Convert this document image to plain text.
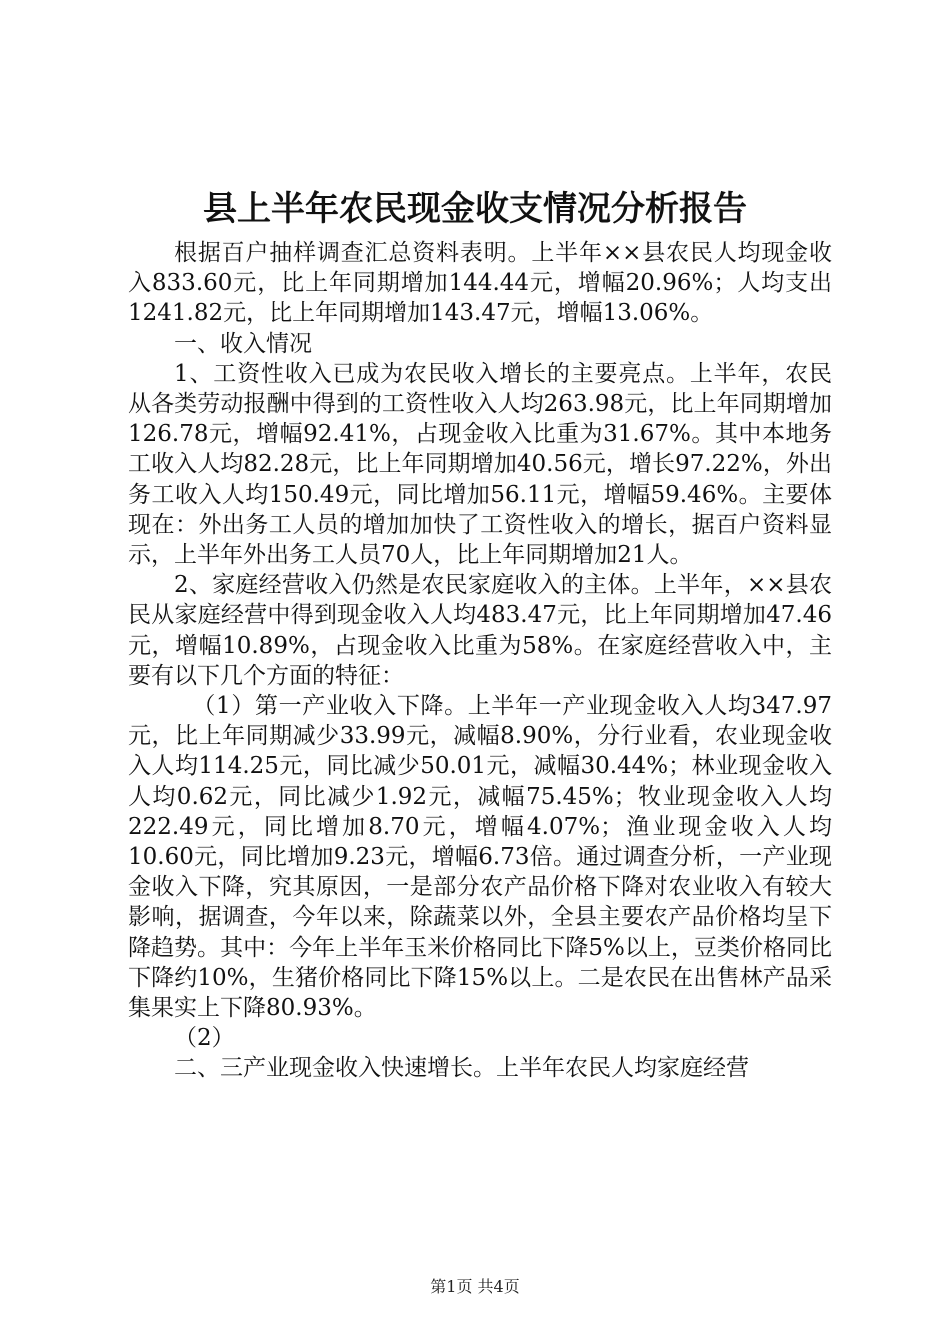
县上半年农民现金收支情况分析报告

根据百户抽样调查汇总资料表明。上半年××县农民人均现金收入833.60元，比上年同期增加144.44元，增幅20.96%；人均支出1241.82元，比上年同期增加143.47元，增幅13.06%。

一、收入情况

1、工资性收入已成为农民收入增长的主要亮点。上半年，农民从各类劳动报酬中得到的工资性收入人均263.98元，比上年同期增加126.78元，增幅92.41%，占现金收入比重为31.67%。其中本地务工收入人均82.28元，比上年同期增加40.56元，增长97.22%，外出务工收入人均150.49元，同比增加56.11元，增幅59.46%。主要体现在：外出务工人员的增加加快了工资性收入的增长，据百户资料显示，上半年外出务工人员70人，比上年同期增加21人。

2、家庭经营收入仍然是农民家庭收入的主体。上半年，××县农民从家庭经营中得到现金收入人均483.47元，比上年同期增加47.46元，增幅10.89%，占现金收入比重为58%。在家庭经营收入中，主要有以下几个方面的特征：

（1）第一产业收入下降。上半年一产业现金收入人均347.97元，比上年同期减少33.99元，减幅8.90%，分行业看，农业现金收入人均114.25元，同比减少50.01元，减幅30.44%；林业现金收入人均0.62元，同比减少1.92元，减幅75.45%；牧业现金收入人均222.49元，同比增加8.70元，增幅4.07%；渔业现金收入人均10.60元，同比增加9.23元，增幅6.73倍。通过调查分析，一产业现金收入下降，究其原因，一是部分农产品价格下降对农业收入有较大影响，据调查，今年以来，除蔬菜以外，全县主要农产品价格均呈下降趋势。其中：今年上半年玉米价格同比下降5%以上，豆类价格同比下降约10%，生猪价格同比下降15%以上。二是农民在出售林产品采集果实上下降80.93%。

（2）

二、三产业现金收入快速增长。上半年农民人均家庭经营

第1页 共4页
